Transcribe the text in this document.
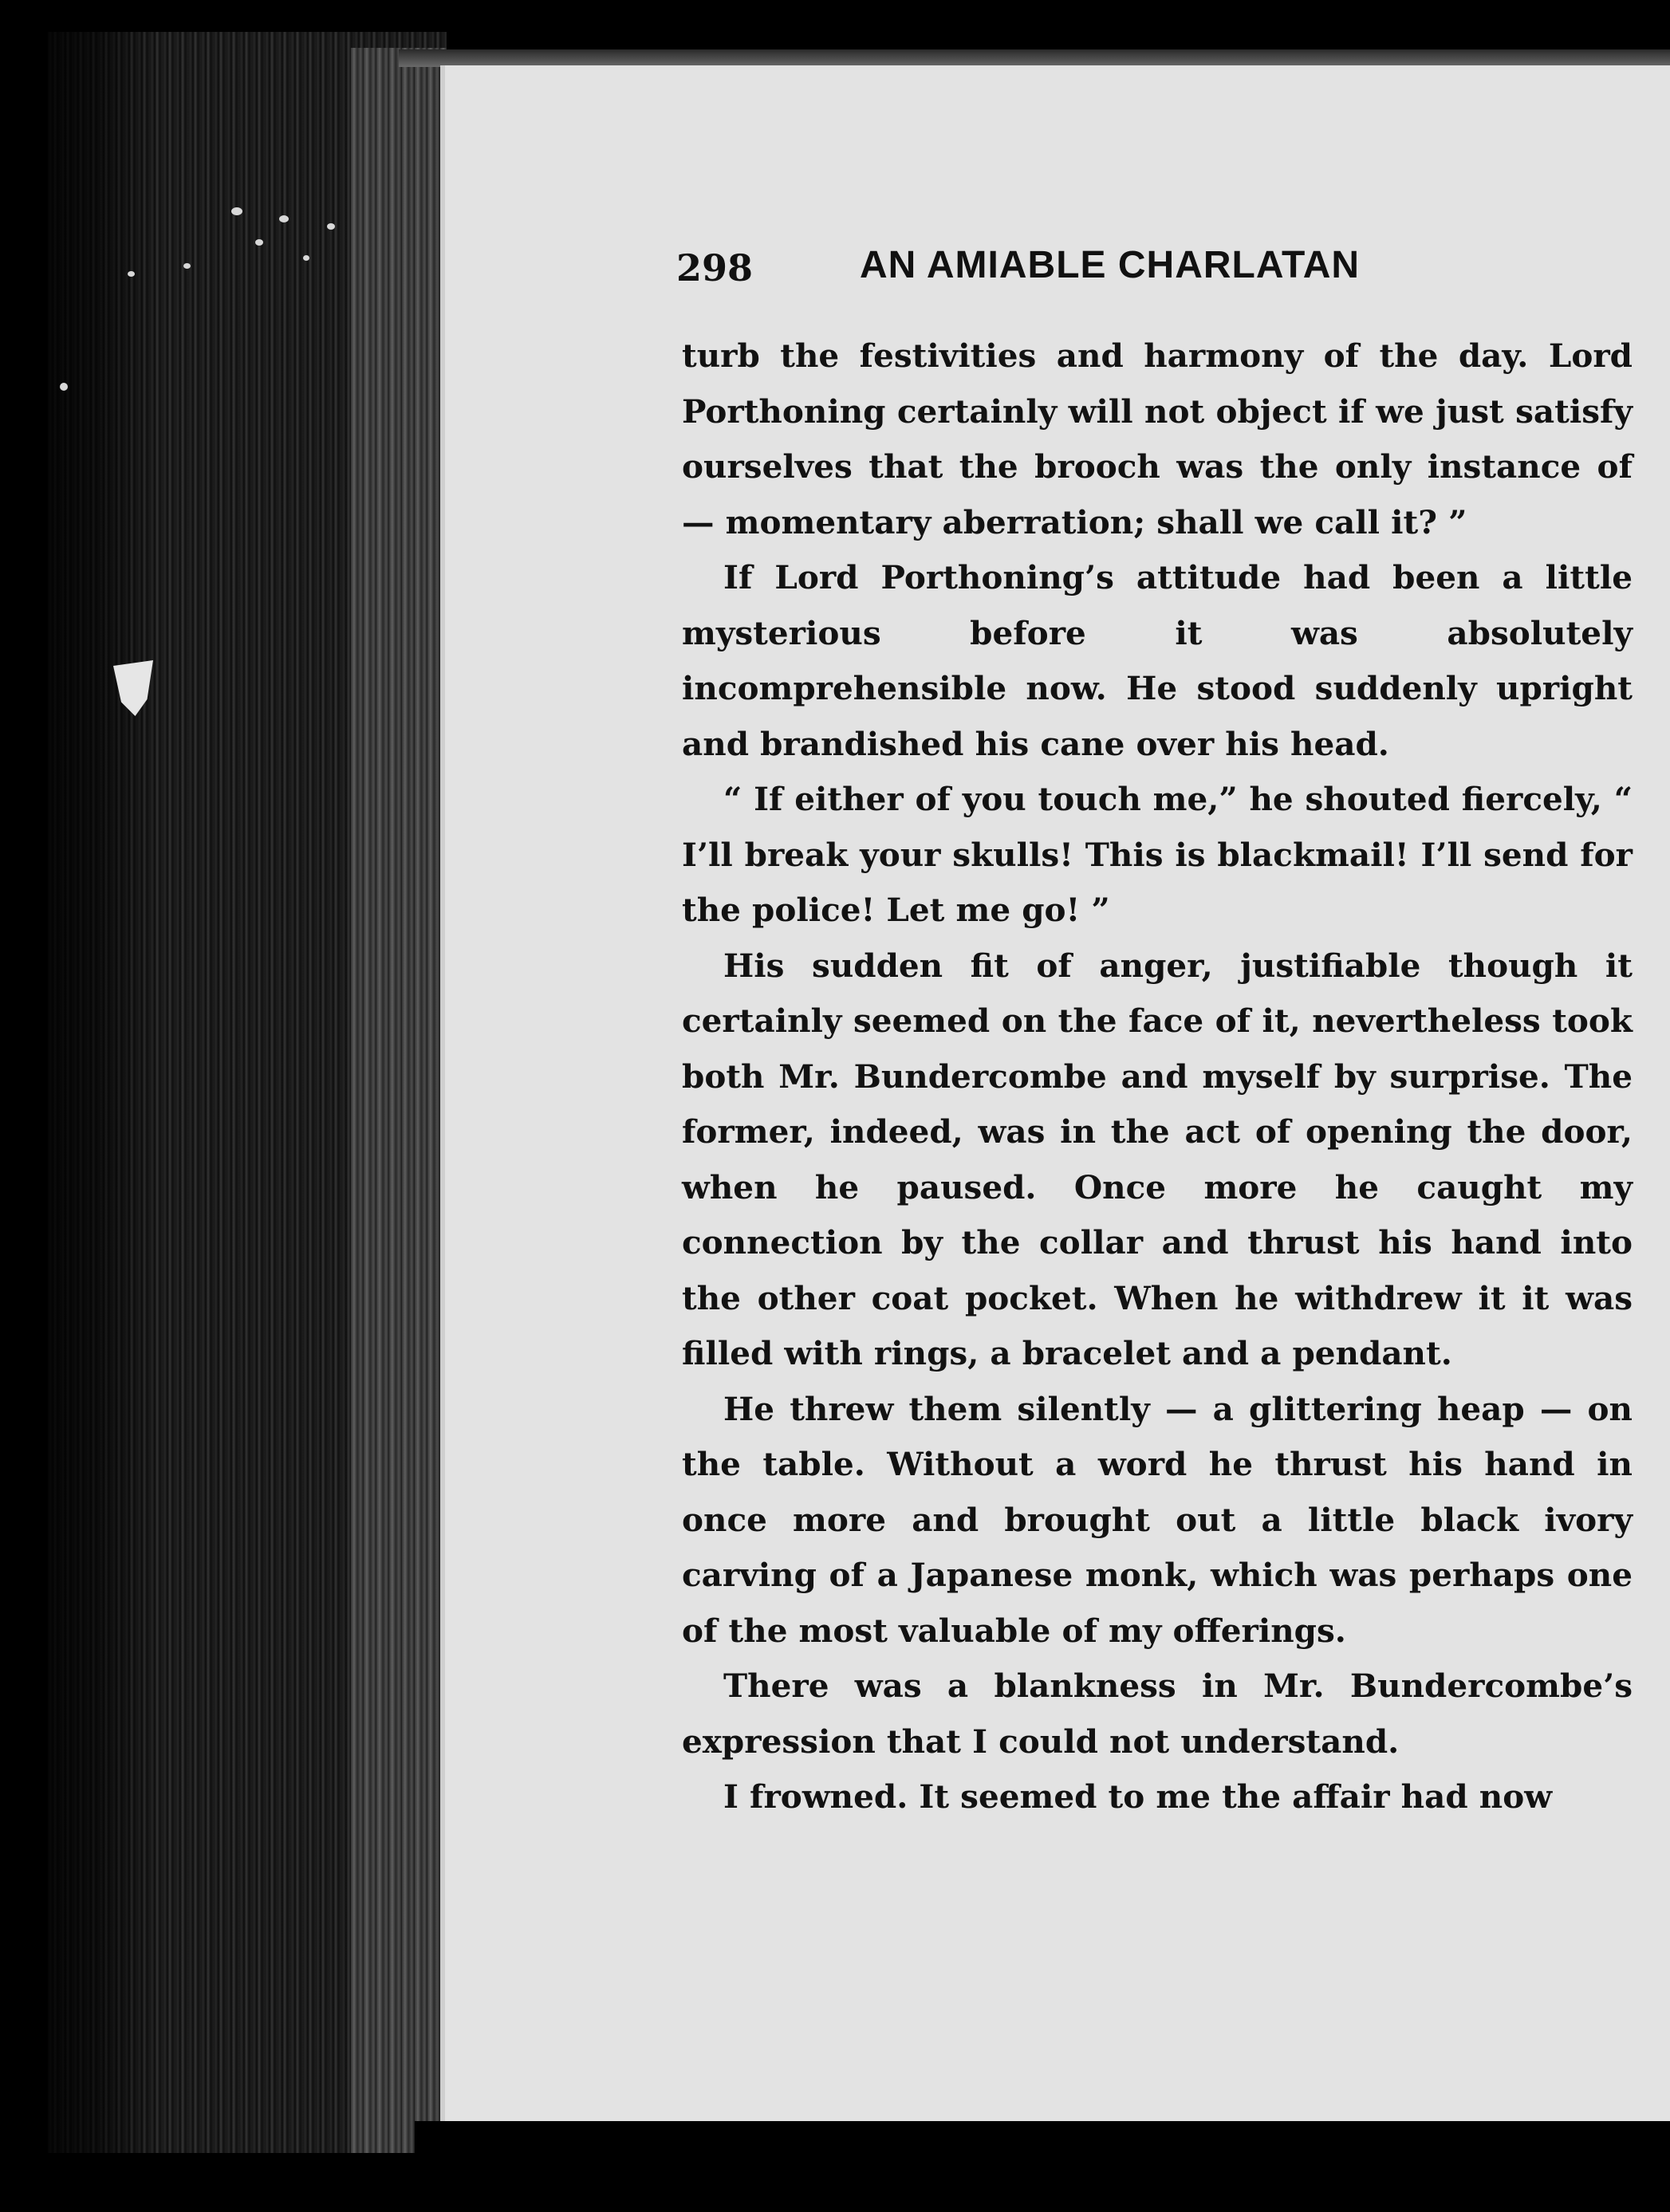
298	AN AMIABLE CHARLATAN

turb the festivities and harmony of the day. Lord Porthoning certainly will not object if we just satisfy ourselves that the brooch was the only instance of — momentary aberration; shall we call it? ”

If Lord Porthoning’s attitude had been a little mysterious before it was absolutely incomprehensible now. He stood suddenly upright and brandished his cane over his head.

“ If either of you touch me,” he shouted fiercely, “ I’ll break your skulls! This is blackmail! I’ll send for the police! Let me go! ”

His sudden fit of anger, justifiable though it certainly seemed on the face of it, nevertheless took both Mr. Bundercombe and myself by surprise. The former, indeed, was in the act of opening the door, when he paused. Once more he caught my connection by the collar and thrust his hand into the other coat pocket. When he withdrew it it was filled with rings, a bracelet and a pendant.

He threw them silently — a glittering heap — on the table. Without a word he thrust his hand in once more and brought out a little black ivory carving of a Japanese monk, which was perhaps one of the most valuable of my offerings.

There was a blankness in Mr. Bundercombe’s expression that I could not understand.

I frowned. It seemed to me the affair had now
